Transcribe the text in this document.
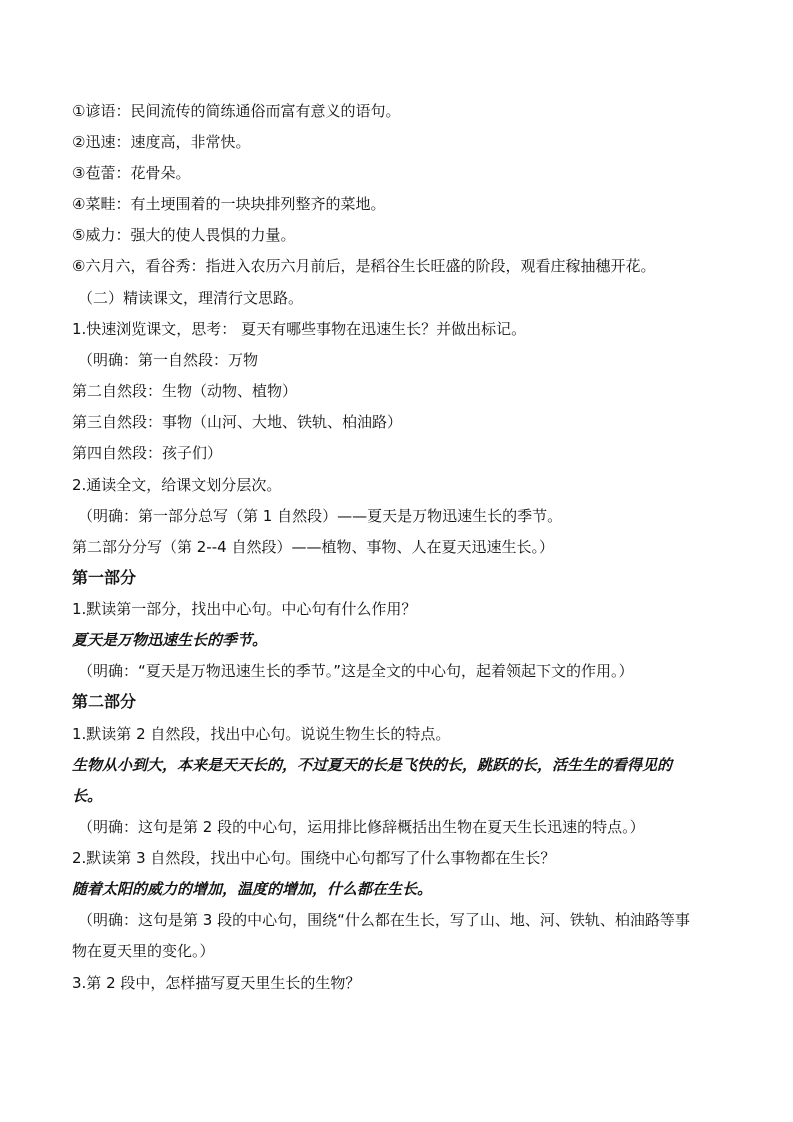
①谚语：民间流传的简练通俗而富有意义的语句。
②迅速：速度高，非常快。
③苞蕾：花骨朵。
④菜畦：有土埂围着的一块块排列整齐的菜地。
⑤威力：强大的使人畏惧的力量。
⑥六月六，看谷秀：指进入农历六月前后，是稻谷生长旺盛的阶段，观看庄稼抽穗开花。
（二）精读课文，理清行文思路。
1.快速浏览课文，思考： 夏天有哪些事物在迅速生长？并做出标记。
（明确：第一自然段：万物
第二自然段：生物（动物、植物）
第三自然段：事物（山河、大地、铁轨、柏油路）
第四自然段：孩子们）
2.通读全文，给课文划分层次。
（明确：第一部分总写（第 1 自然段）——夏天是万物迅速生长的季节。
第二部分分写（第 2--4 自然段）——植物、事物、人在夏天迅速生长。）
第一部分
1.默读第一部分，找出中心句。中心句有什么作用？
夏天是万物迅速生长的季节。
（明确：“夏天是万物迅速生长的季节。”这是全文的中心句，起着领起下文的作用。）
第二部分
1.默读第 2 自然段，找出中心句。说说生物生长的特点。
生物从小到大，本来是天天长的，不过夏天的长是飞快的长，跳跃的长，活生生的看得见的
长。
（明确：这句是第 2 段的中心句，运用排比修辞概括出生物在夏天生长迅速的特点。）
2.默读第 3 自然段，找出中心句。围绕中心句都写了什么事物都在生长？
随着太阳的威力的增加，温度的增加，什么都在生长。
（明确：这句是第 3 段的中心句，围绕“什么都在生长，写了山、地、河、铁轨、柏油路等事
物在夏天里的变化。）
3.第 2 段中，怎样描写夏天里生长的生物？
